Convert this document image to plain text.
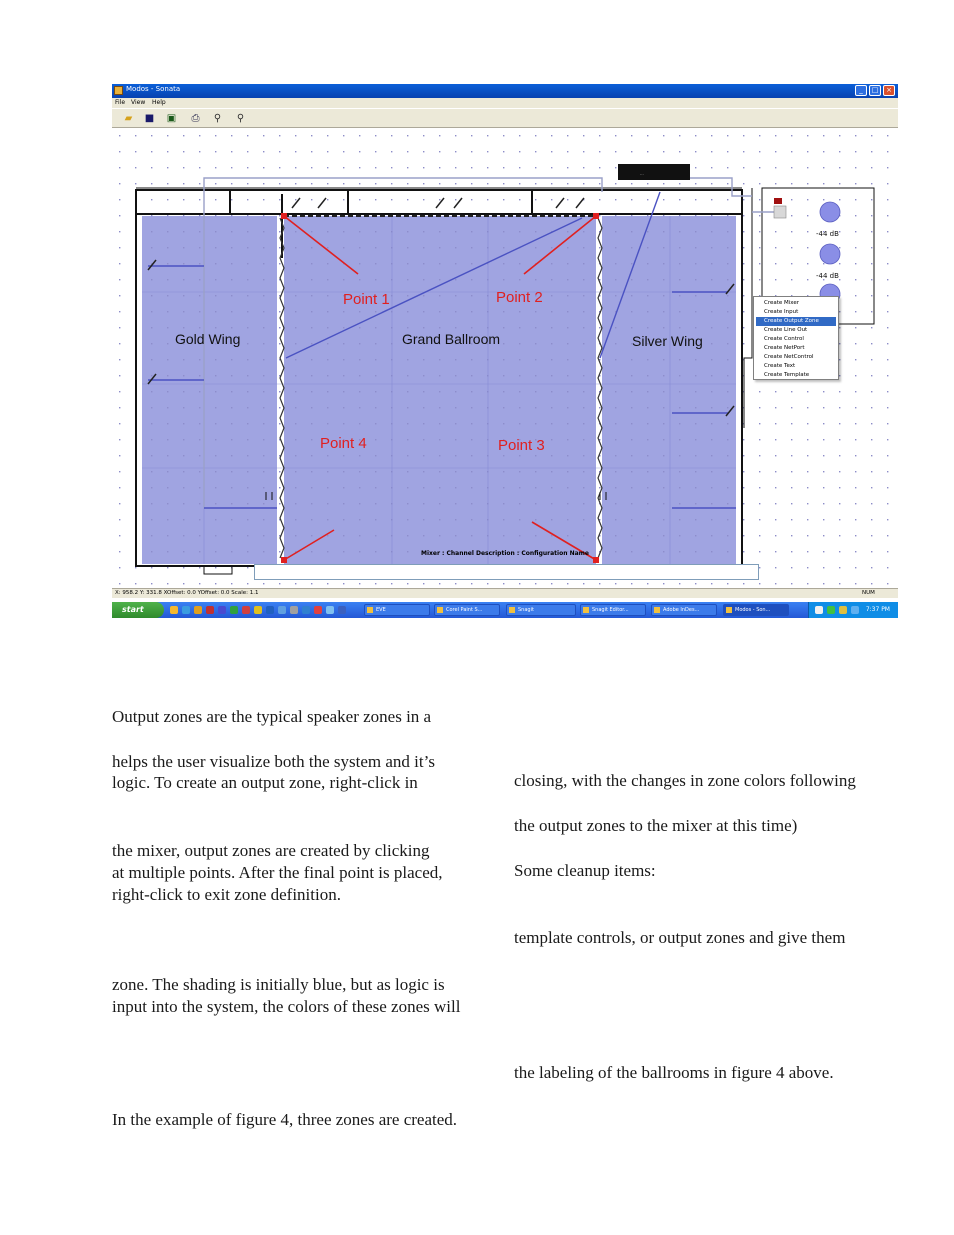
Modos - Sonata	_	□	×
File View Help
▰ ■ ▣ ⎙ ⚲ ⚲
...
-44 dB
-44 dB
Gold Wing	Grand Ballroom	Silver Wing
Point 1	Point 2
Point 3
Point 4
Mixer : Channel Description : Configuration Name
Create Mixer
Create Input
Create Output Zone
Create Line Out
Create Control
Create NetPort
Create NetControl
Create Text
Create Template
X: 958.2 Y: 331.8 XOffset: 0.0 YOffset: 0.0 Scale: 1.1	NUM
start	EVE	Corel Paint S...	Snagit	Snagit Editor...	Adobe InDes...	Modos - Son...	7:37 PM
Output zones are the typical speaker zones in a
helps the user visualize both the system and it’s
logic. To create an output zone, right-click in
the mixer, output zones are created by clicking
at multiple points. After the final point is placed,
right-click to exit zone definition.
zone. The shading is initially blue, but as logic is
input into the system, the colors of these zones will
In the example of figure 4, three zones are created.
closing, with the changes in zone colors following
the output zones to the mixer at this time)
Some cleanup items:
template controls, or output zones and give them
the labeling of the ballrooms in figure 4 above.
